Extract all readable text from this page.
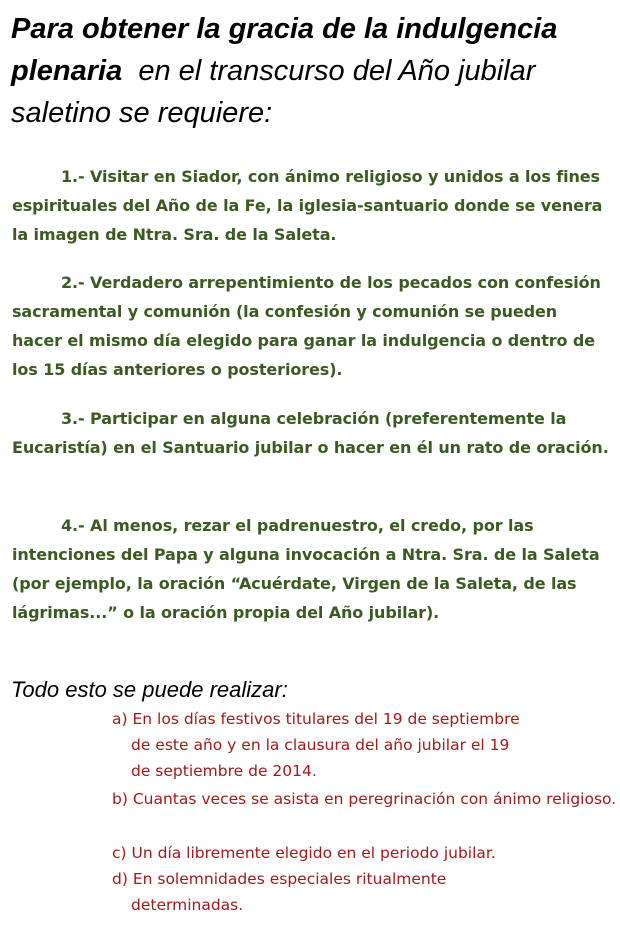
Para obtener la gracia de la indulgencia
plenaria  en el transcurso del Año jubilar
saletino se requiere:
1.- Visitar en Siador, con ánimo religioso y unidos a los fines espirituales del Año de la Fe, la iglesia-santuario donde se venera la imagen de Ntra. Sra. de la Saleta.
2.- Verdadero arrepentimiento de los pecados con confesión sacramental y comunión (la confesión y comunión se pueden hacer el mismo día elegido para ganar la indulgencia o dentro de los 15 días anteriores o posteriores).
3.- Participar en alguna celebración (preferentemente la Eucaristía) en el Santuario jubilar o hacer en él un rato de oración.
4.- Al menos, rezar el padrenuestro, el credo, por las intenciones del Papa y alguna invocación a Ntra. Sra. de la Saleta (por ejemplo, la oración “Acuérdate, Virgen de la Saleta, de las lágrimas...” o la oración propia del Año jubilar).
Todo esto se puede realizar:
a) En los días festivos titulares del 19 de septiembre de este año y en la clausura del año jubilar el 19 de septiembre de 2014.
b) Cuantas veces se asista en peregrinación con ánimo religioso.
c) Un día libremente elegido en el periodo jubilar.
d) En solemnidades especiales ritualmente determinadas.
